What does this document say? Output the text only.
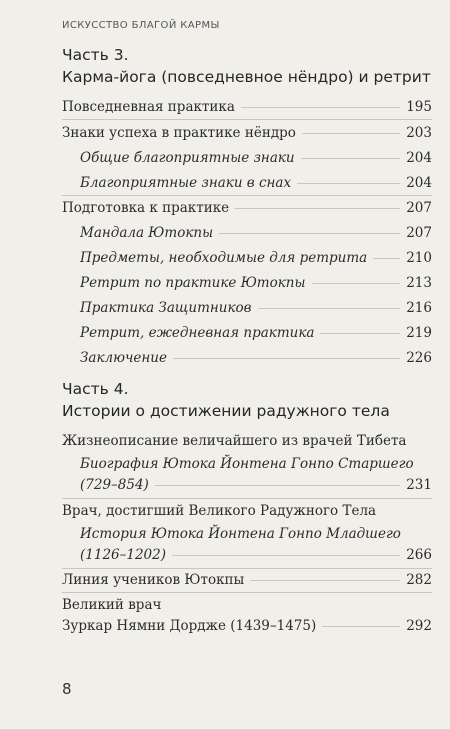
ИСКУССТВО БЛАГОЙ КАРМЫ
Часть 3.
Карма-йога (повседневное нёндро) и ретрит
Повседневная практика	195
Знаки успеха в практике нёндро	203
Общие благоприятные знаки	204
Благоприятные знаки в снах	204
Подготовка к практике	207
Мандала Ютокпы	207
Предметы, необходимые для ретрита	210
Ретрит по практике Ютокпы	213
Практика Защитников	216
Ретрит, ежедневная практика	219
Заключение	226
Часть 4.
Истории о достижении радужного тела
Жизнеописание величайшего из врачей Тибета
Биография Ютока Йонтена Гонпо Старшего
(729–854)	231
Врач, достигший Великого Радужного Тела
История Ютока Йонтена Гонпо Младшего
(1126–1202)	266
Линия учеников Ютокпы	282
Великий врач
Зуркар Нямни Дордже (1439–1475)	292
8
